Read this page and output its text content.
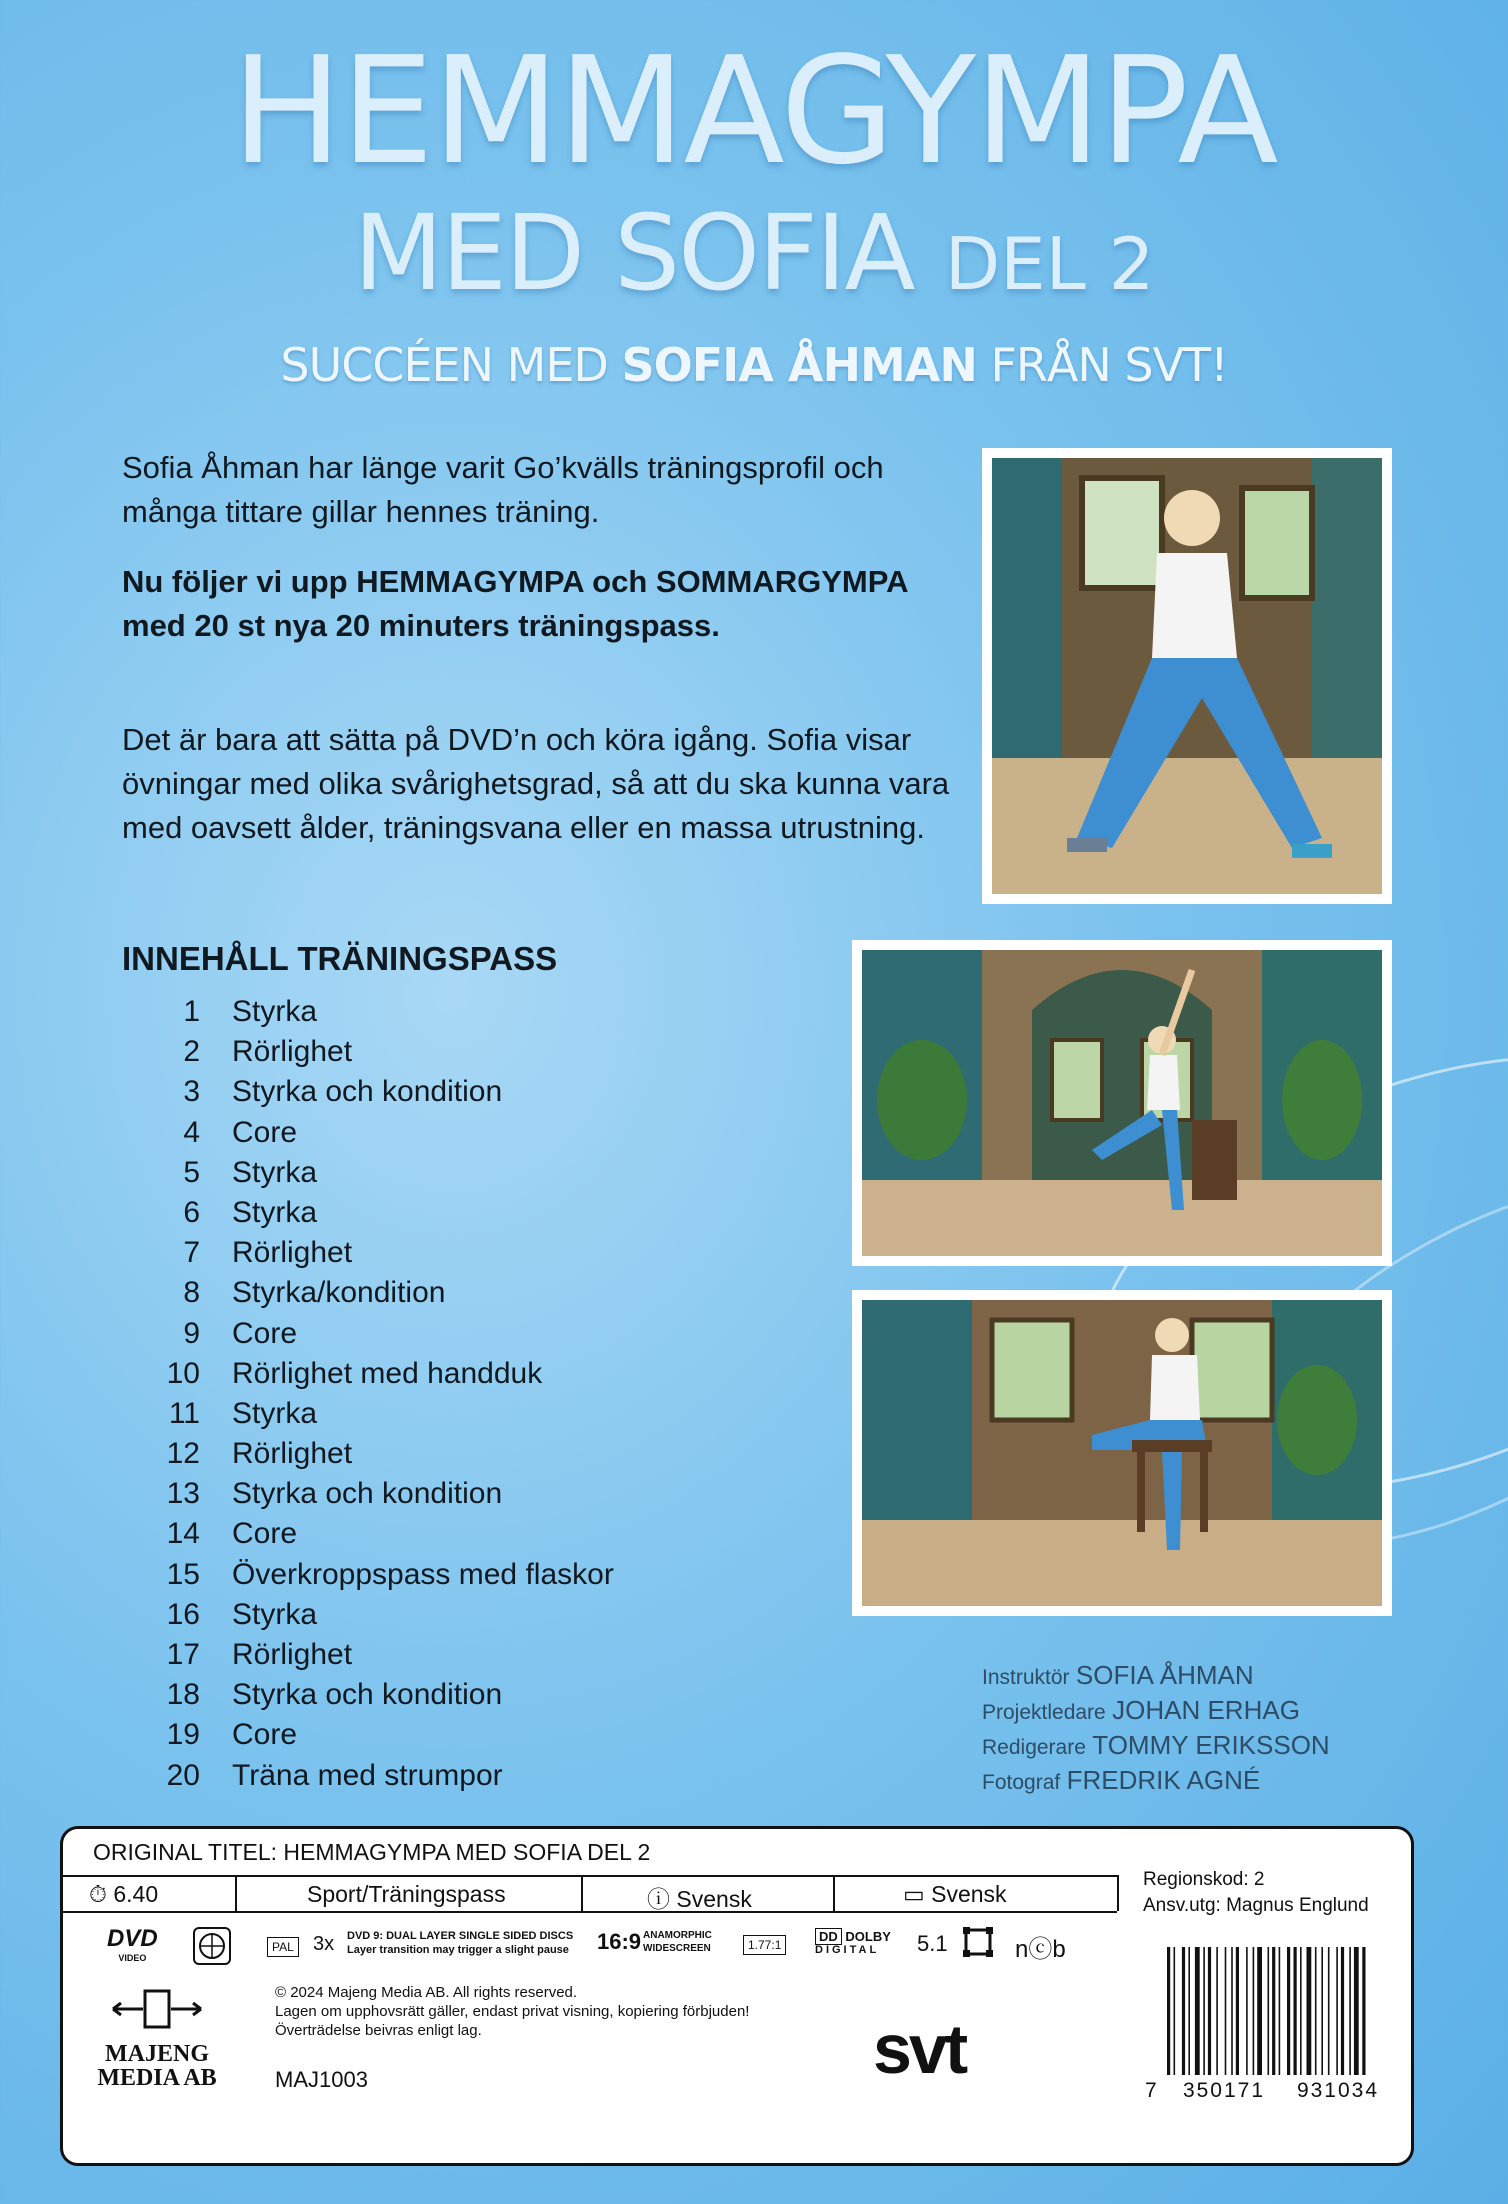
HEMMAGYMPA
MED SOFIA DEL 2
SUCCÉEN MED SOFIA ÅHMAN FRÅN SVT!

Sofia Åhman har länge varit Go’kvälls träningsprofil och många tittare gillar hennes träning.

Nu följer vi upp HEMMAGYMPA och SOMMARGYMPA med 20 st nya 20 minuters träningspass.

Det är bara att sätta på DVD’n och köra igång. Sofia visar övningar med olika svårighetsgrad, så att du ska kunna vara med oavsett ålder, träningsvana eller en massa utrustning.

INNEHÅLL TRÄNINGSPASS
1 Styrka
2 Rörlighet
3 Styrka och kondition
4 Core
5 Styrka
6 Styrka
7 Rörlighet
8 Styrka/kondition
9 Core
10 Rörlighet med handduk
11 Styrka
12 Rörlighet
13 Styrka och kondition
14 Core
15 Överkroppspass med flaskor
16 Styrka
17 Rörlighet
18 Styrka och kondition
19 Core
20 Träna med strumpor
Instruktör SOFIA ÅHMAN
Projektledare JOHAN ERHAG
Redigerare TOMMY ERIKSSON
Fotograf FREDRIK AGNÉ
ORIGINAL TITEL: HEMMAGYMPA MED SOFIA DEL 2
⏱ 6.40	Sport/Träningspass	ⓘ Svensk	▭ Svensk
Regionskod: 2
Ansv.utg: Magnus Englund
DVD
VIDEO
PAL 3x DVD 9: DUAL LAYER SINGLE SIDED DISCS
Layer transition may trigger a slight pause 16:9 ANAMORPHIC
WIDESCREEN	1.77:1
DD DOLBY
DIGITAL	5.1	nⓒb
MAJENG
MEDIA AB
© 2024 Majeng Media AB. All rights reserved.
Lagen om upphovsrätt gäller, endast privat visning, kopiering förbjuden!
Överträdelse beivras enligt lag.
MAJ1003	svt
7	350171	931034
